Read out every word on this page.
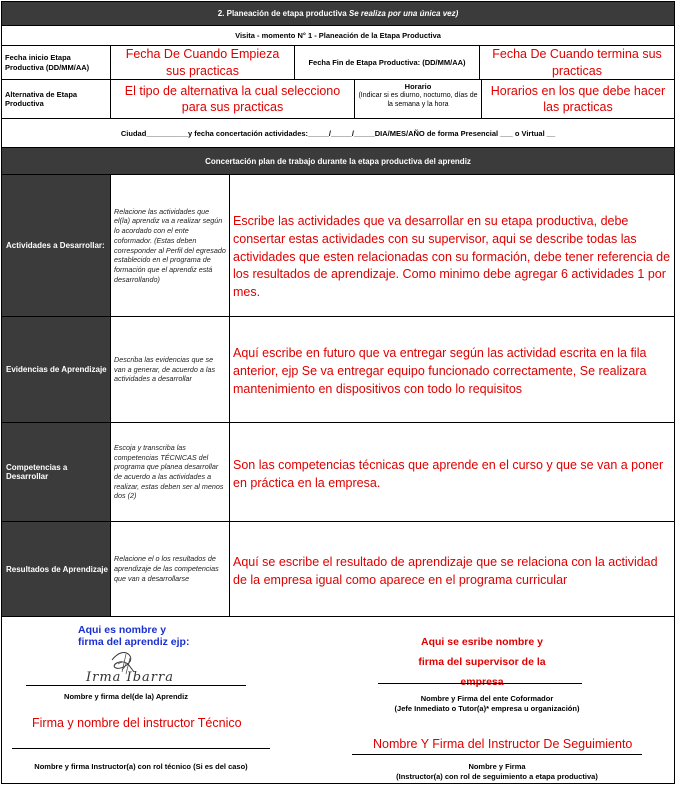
2. Planeación de etapa productiva
Se realiza por una única vez)
Visita - momento N° 1 - Planeación de la Etapa Productiva
Fecha inicio Etapa Productiva (DD/MM/AA)
Fecha De Cuando Empieza sus practicas
Fecha Fin de Etapa Productiva: (DD/MM/AA)
Fecha De Cuando termina sus practicas
Alternativa de Etapa Productiva
El tipo de alternativa la cual selecciono para sus practicas
Horario
(Indicar si es diurno, nocturno, días de la semana y la hora
Horarios en los que debe hacer las practicas
Ciudad__________y fecha concertación actividades:_____/_____/_____DIA/MES/AÑO de forma Presencial ___ o Virtual __
Concertación plan de trabajo durante la etapa productiva del aprendiz
Actividades a Desarrollar:
Relacione las actividades que el(la) aprendiz va a realizar según lo acordado con el ente coformador. (Estas deben corresponder al Perfil del egresado establecido en el programa de formación que el aprendiz está desarrollando)
Escribe las actividades que va desarrollar en su etapa productiva, debe consertar estas actividades con su supervisor, aqui se describe todas las actividades que esten relacionadas con su formación, debe tener referencia de los resultados de aprendizaje. Como minimo debe agregar 6 actividades 1 por mes.
Evidencias de Aprendizaje
Describa las evidencias que se van a generar, de acuerdo a las actividades a desarrollar
Aquí escribe en futuro que va entregar según las actividad escrita en la fila anterior, ejp Se va entregar equipo funcionado correctamente, Se realizara mantenimiento en dispositivos con todo lo requisitos
Competencias a Desarrollar
Escoja y transcriba las competencias TÉCNICAS del programa que planea desarrollar de acuerdo a las actividades a realizar, estas deben ser al menos dos (2)
Son las competencias técnicas que aprende en el curso y que se van a poner en práctica en la empresa.
Resultados de Aprendizaje
Relacione el o los resultados de aprendizaje de las competencias que van a desarrollarse
Aquí se escribe el resultado de aprendizaje que se relaciona con la actividad de la empresa igual como aparece en el programa curricular
Aqui es nombre y
firma del aprendiz ejp:
Irma Ibarra
Nombre y firma del(de la) Aprendiz
Aqui se esribe nombre y
firma del supervisor de la
empresa
Nombre y Firma del ente Coformador
(Jefe Inmediato o Tutor(a)* empresa u organización)
Firma y nombre del instructor Técnico
Nombre y firma Instructor(a) con rol técnico (Si es del caso)
Nombre Y Firma del Instructor De Seguimiento
Nombre y Firma
(Instructor(a) con rol de seguimiento a etapa productiva)
